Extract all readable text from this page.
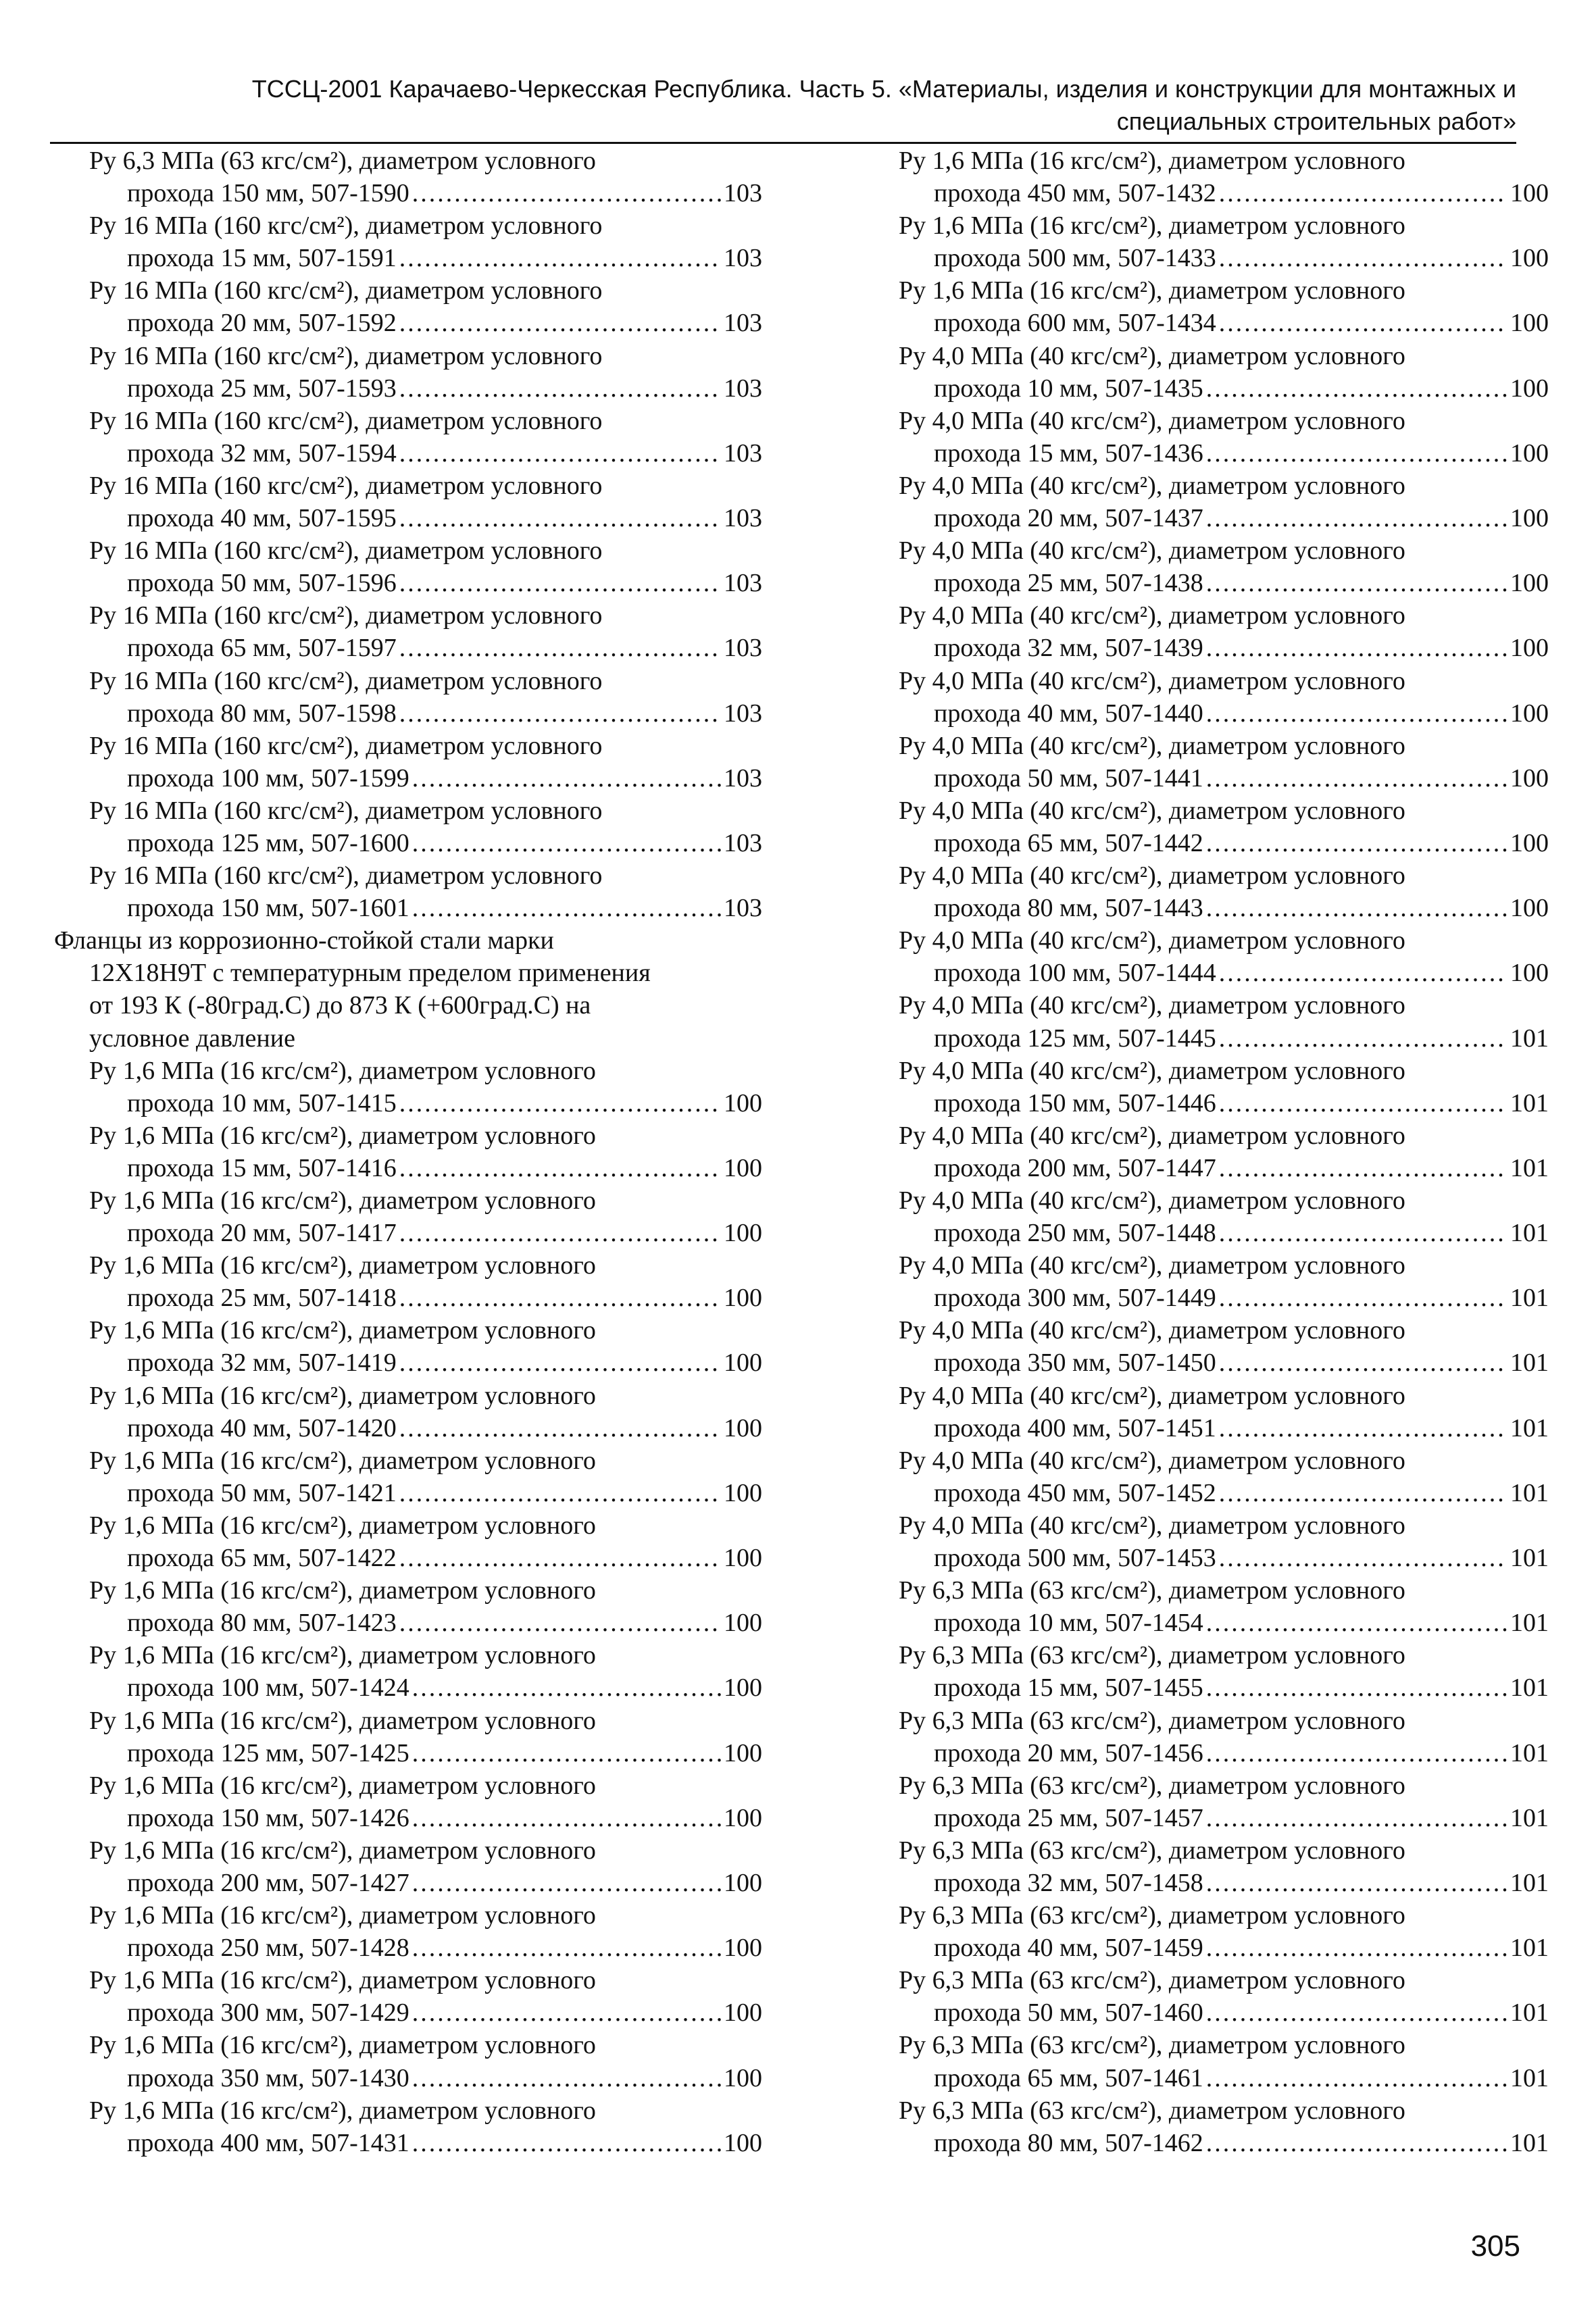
ТССЦ-2001 Карачаево-Черкесская Республика. Часть 5. «Материалы, изделия и конструкции для монтажных и
специальных строительных работ»
Ру 6,3 МПа (63 кгс/см²), диаметром условного
прохода 150 мм, 507-1590 .....	103
Ру 16 МПа (160 кгс/см²), диаметром условного
прохода 15 мм, 507-1591 .....	103
Ру 16 МПа (160 кгс/см²), диаметром условного
прохода 20 мм, 507-1592 .....	103
Ру 16 МПа (160 кгс/см²), диаметром условного
прохода 25 мм, 507-1593 .....	103
Ру 16 МПа (160 кгс/см²), диаметром условного
прохода 32 мм, 507-1594 .....	103
Ру 16 МПа (160 кгс/см²), диаметром условного
прохода 40 мм, 507-1595 .....	103
Ру 16 МПа (160 кгс/см²), диаметром условного
прохода 50 мм, 507-1596 .....	103
Ру 16 МПа (160 кгс/см²), диаметром условного
прохода 65 мм, 507-1597 .....	103
Ру 16 МПа (160 кгс/см²), диаметром условного
прохода 80 мм, 507-1598 .....	103
Ру 16 МПа (160 кгс/см²), диаметром условного
прохода 100 мм, 507-1599 .....	103
Ру 16 МПа (160 кгс/см²), диаметром условного
прохода 125 мм, 507-1600 .....	103
Ру 16 МПа (160 кгс/см²), диаметром условного
прохода 150 мм, 507-1601 .....	103
Фланцы из коррозионно-стойкой стали марки
12Х18Н9Т с температурным пределом применения
от 193 К (-80град.С) до 873 К (+600град.С) на
условное давление
Ру 1,6 МПа (16 кгс/см²), диаметром условного
прохода 10 мм, 507-1415 .....	100
Ру 1,6 МПа (16 кгс/см²), диаметром условного
прохода 15 мм, 507-1416 .....	100
Ру 1,6 МПа (16 кгс/см²), диаметром условного
прохода 20 мм, 507-1417 .....	100
Ру 1,6 МПа (16 кгс/см²), диаметром условного
прохода 25 мм, 507-1418 .....	100
Ру 1,6 МПа (16 кгс/см²), диаметром условного
прохода 32 мм, 507-1419 .....	100
Ру 1,6 МПа (16 кгс/см²), диаметром условного
прохода 40 мм, 507-1420 .....	100
Ру 1,6 МПа (16 кгс/см²), диаметром условного
прохода 50 мм, 507-1421 .....	100
Ру 1,6 МПа (16 кгс/см²), диаметром условного
прохода 65 мм, 507-1422 .....	100
Ру 1,6 МПа (16 кгс/см²), диаметром условного
прохода 80 мм, 507-1423 .....	100
Ру 1,6 МПа (16 кгс/см²), диаметром условного
прохода 100 мм, 507-1424 .....	100
Ру 1,6 МПа (16 кгс/см²), диаметром условного
прохода 125 мм, 507-1425 .....	100
Ру 1,6 МПа (16 кгс/см²), диаметром условного
прохода 150 мм, 507-1426 .....	100
Ру 1,6 МПа (16 кгс/см²), диаметром условного
прохода 200 мм, 507-1427 .....	100
Ру 1,6 МПа (16 кгс/см²), диаметром условного
прохода 250 мм, 507-1428 .....	100
Ру 1,6 МПа (16 кгс/см²), диаметром условного
прохода 300 мм, 507-1429 .....	100
Ру 1,6 МПа (16 кгс/см²), диаметром условного
прохода 350 мм, 507-1430 .....	100
Ру 1,6 МПа (16 кгс/см²), диаметром условного
прохода 400 мм, 507-1431 .....	100
Ру 1,6 МПа (16 кгс/см²), диаметром условного
прохода 450 мм, 507-1432 .....	100
Ру 1,6 МПа (16 кгс/см²), диаметром условного
прохода 500 мм, 507-1433 .....	100
Ру 1,6 МПа (16 кгс/см²), диаметром условного
прохода 600 мм, 507-1434 .....	100
Ру 4,0 МПа (40 кгс/см²), диаметром условного
прохода 10 мм, 507-1435 .....	100
Ру 4,0 МПа (40 кгс/см²), диаметром условного
прохода 15 мм, 507-1436 .....	100
Ру 4,0 МПа (40 кгс/см²), диаметром условного
прохода 20 мм, 507-1437 .....	100
Ру 4,0 МПа (40 кгс/см²), диаметром условного
прохода 25 мм, 507-1438 .....	100
Ру 4,0 МПа (40 кгс/см²), диаметром условного
прохода 32 мм, 507-1439 .....	100
Ру 4,0 МПа (40 кгс/см²), диаметром условного
прохода 40 мм, 507-1440 .....	100
Ру 4,0 МПа (40 кгс/см²), диаметром условного
прохода 50 мм, 507-1441 .....	100
Ру 4,0 МПа (40 кгс/см²), диаметром условного
прохода 65 мм, 507-1442 .....	100
Ру 4,0 МПа (40 кгс/см²), диаметром условного
прохода 80 мм, 507-1443 .....	100
Ру 4,0 МПа (40 кгс/см²), диаметром условного
прохода 100 мм, 507-1444 .....	100
Ру 4,0 МПа (40 кгс/см²), диаметром условного
прохода 125 мм, 507-1445 .....	101
Ру 4,0 МПа (40 кгс/см²), диаметром условного
прохода 150 мм, 507-1446 .....	101
Ру 4,0 МПа (40 кгс/см²), диаметром условного
прохода 200 мм, 507-1447 .....	101
Ру 4,0 МПа (40 кгс/см²), диаметром условного
прохода 250 мм, 507-1448 .....	101
Ру 4,0 МПа (40 кгс/см²), диаметром условного
прохода 300 мм, 507-1449 .....	101
Ру 4,0 МПа (40 кгс/см²), диаметром условного
прохода 350 мм, 507-1450 .....	101
Ру 4,0 МПа (40 кгс/см²), диаметром условного
прохода 400 мм, 507-1451 .....	101
Ру 4,0 МПа (40 кгс/см²), диаметром условного
прохода 450 мм, 507-1452 .....	101
Ру 4,0 МПа (40 кгс/см²), диаметром условного
прохода 500 мм, 507-1453 .....	101
Ру 6,3 МПа (63 кгс/см²), диаметром условного
прохода 10 мм, 507-1454 .....	101
Ру 6,3 МПа (63 кгс/см²), диаметром условного
прохода 15 мм, 507-1455 .....	101
Ру 6,3 МПа (63 кгс/см²), диаметром условного
прохода 20 мм, 507-1456 .....	101
Ру 6,3 МПа (63 кгс/см²), диаметром условного
прохода 25 мм, 507-1457 .....	101
Ру 6,3 МПа (63 кгс/см²), диаметром условного
прохода 32 мм, 507-1458 .....	101
Ру 6,3 МПа (63 кгс/см²), диаметром условного
прохода 40 мм, 507-1459 .....	101
Ру 6,3 МПа (63 кгс/см²), диаметром условного
прохода 50 мм, 507-1460 .....	101
Ру 6,3 МПа (63 кгс/см²), диаметром условного
прохода 65 мм, 507-1461 .....	101
Ру 6,3 МПа (63 кгс/см²), диаметром условного
прохода 80 мм, 507-1462 .....	101
305
